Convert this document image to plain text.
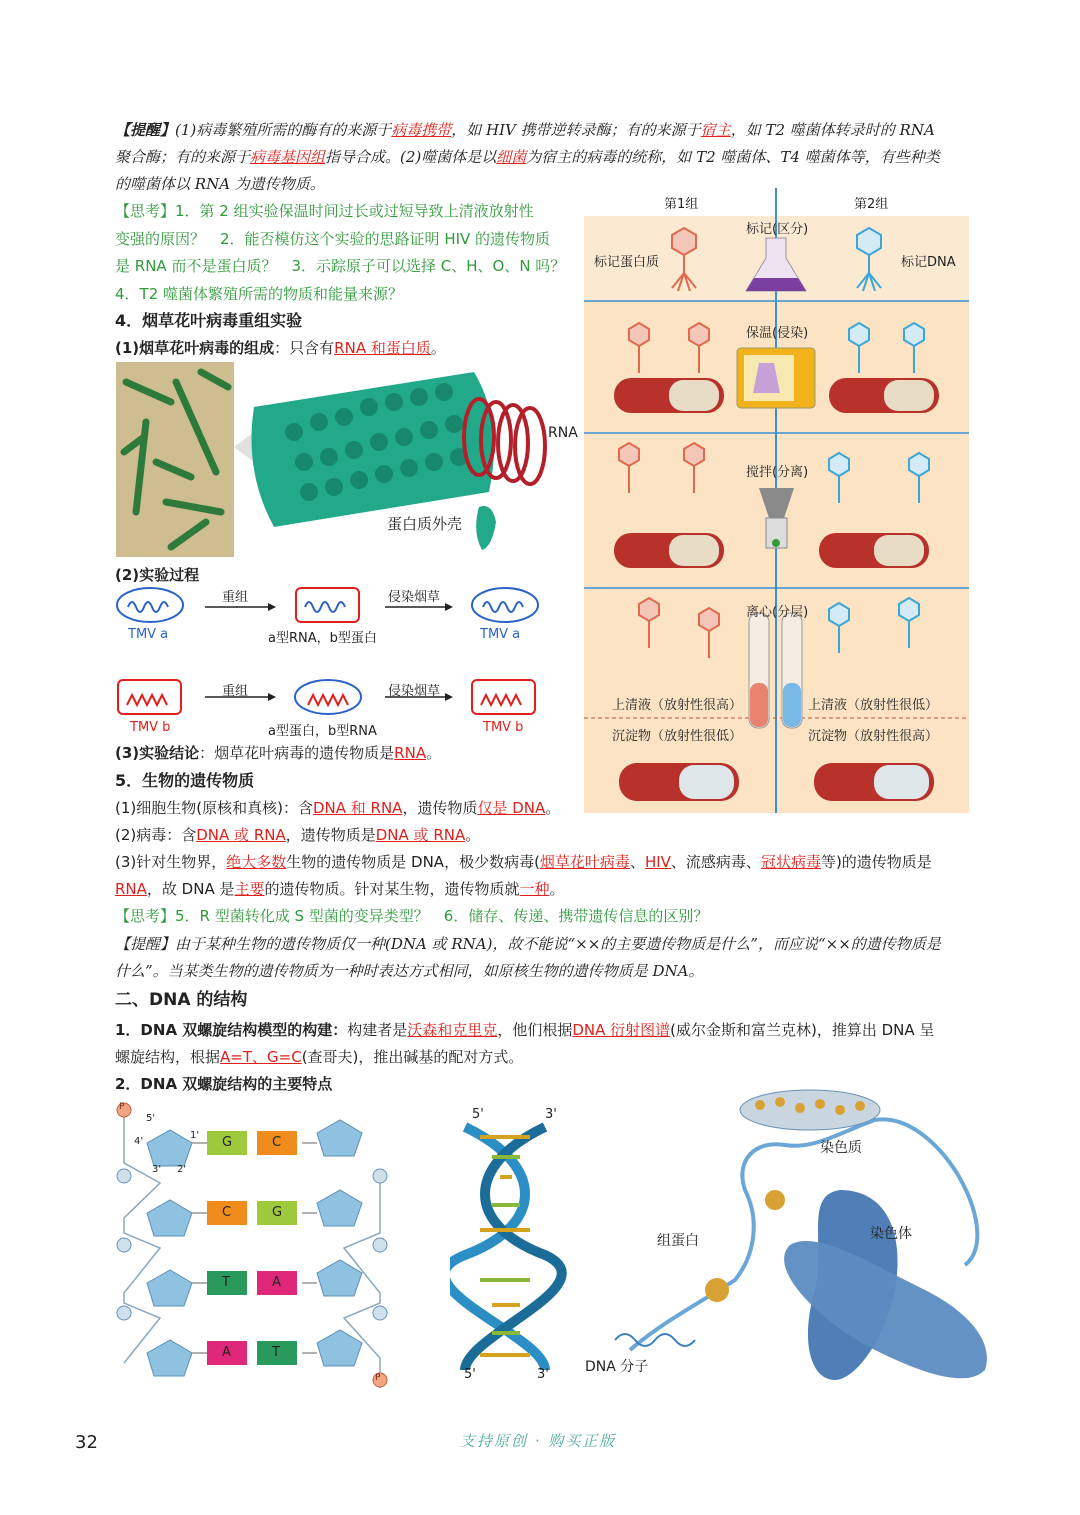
【提醒】(1)病毒繁殖所需的酶有的来源于病毒携带，如 HIV 携带逆转录酶；有的来源于宿主，如 T2 噬菌体转录时的 RNA
聚合酶；有的来源于病毒基因组指导合成。(2)噬菌体是以细菌为宿主的病毒的统称，如 T2 噬菌体、T4 噬菌体等，有些种类
的噬菌体以 RNA 为遗传物质。
【思考】1．第 2 组实验保温时间过长或过短导致上清液放射性
变强的原因？　2．能否模仿这个实验的思路证明 HIV 的遗传物质
是 RNA 而不是蛋白质？　3．示踪原子可以选择 C、H、O、N 吗？
4．T2 噬菌体繁殖所需的物质和能量来源？
4．烟草花叶病毒重组实验
(1)烟草花叶病毒的组成：只含有RNA 和蛋白质。
RNA
蛋白质外壳
(2)实验过程
重组	侵染烟草
TMV a	a型RNA，b型蛋白	TMV a
重组	侵染烟草
TMV b	a型蛋白，b型RNA	TMV b
(3)实验结论：烟草花叶病毒的遗传物质是RNA。
第1组	第2组
标记(区分)
标记蛋白质	标记DNA
保温(侵染)
搅拌(分离)
离心(分层)
上清液（放射性很高）	上清液（放射性很低）
沉淀物（放射性很低）	沉淀物（放射性很高）
5．生物的遗传物质
(1)细胞生物(原核和真核)：含DNA 和 RNA，遗传物质仅是 DNA。
(2)病毒：含DNA 或 RNA，遗传物质是DNA 或 RNA。
(3)针对生物界，绝大多数生物的遗传物质是 DNA，极少数病毒(烟草花叶病毒、HIV、流感病毒、冠状病毒等)的遗传物质是
RNA，故 DNA 是主要的遗传物质。针对某生物，遗传物质就一种。
【思考】5．R 型菌转化成 S 型菌的变异类型？　6．储存、传递、携带遗传信息的区别？
【提醒】由于某种生物的遗传物质仅一种(DNA 或 RNA)，故不能说“××的主要遗传物质是什么”，而应说“××的遗传物质是
什么”。当某类生物的遗传物质为一种时表达方式相同，如原核生物的遗传物质是 DNA。
二、DNA 的结构
1．DNA 双螺旋结构模型的构建：构建者是沃森和克里克，他们根据DNA 衍射图谱(威尔金斯和富兰克林)，推算出 DNA 呈
螺旋结构，根据A=T、G=C(查哥夫)，推出碱基的配对方式。
2．DNA 双螺旋结构的主要特点
P
P
5'
4'
1'
3' 2'
G	C
C	G
T	A
A	T
5'	3'
5'	3'
染色质
染色体
组蛋白
DNA 分子
32	支持原创 · 购买正版
